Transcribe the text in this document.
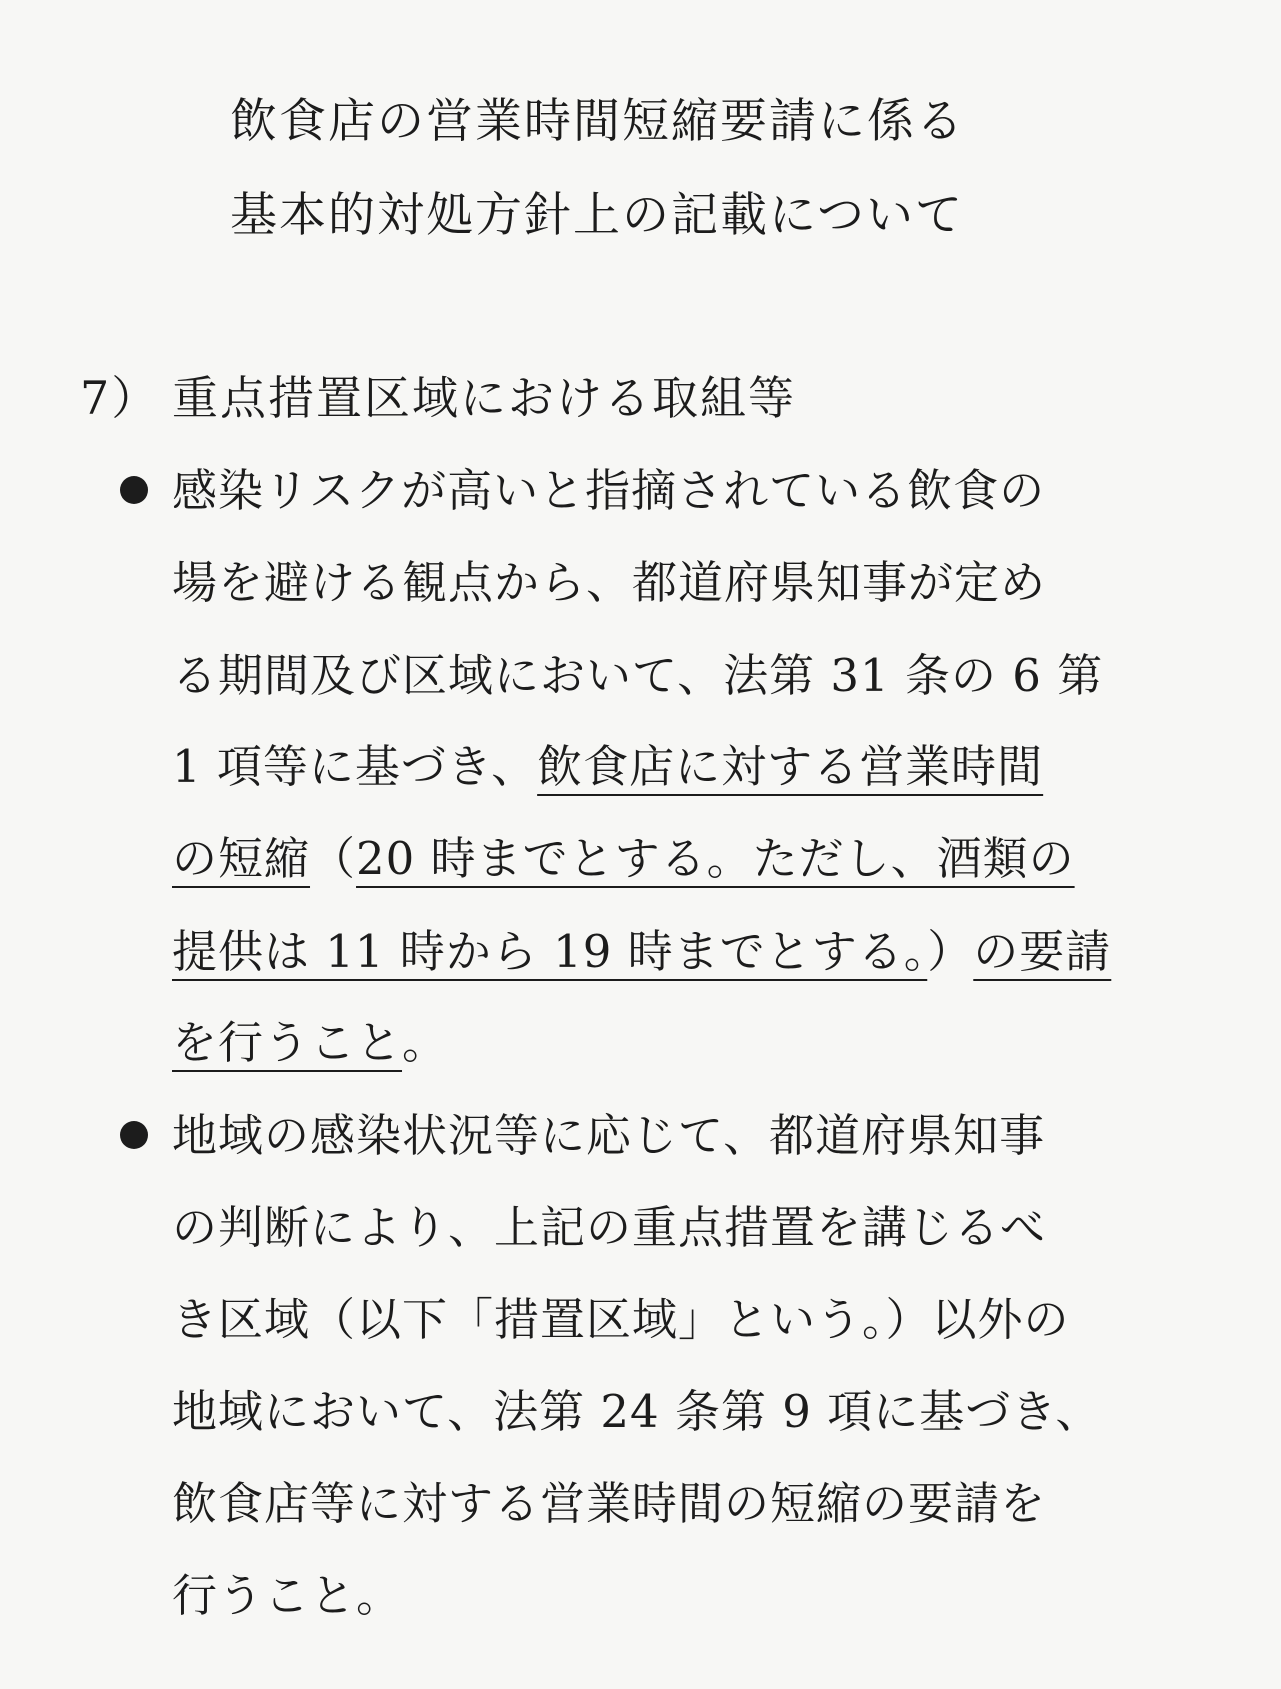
飲食店の営業時間短縮要請に係る
基本的対処方針上の記載について
7） 重点措置区域における取組等
感染リスクが高いと指摘されている飲食の
場を避ける観点から、都道府県知事が定め
る期間及び区域において、法第 31 条の 6 第
1 項等に基づき、飲食店に対する営業時間
の短縮（20 時までとする。ただし、酒類の
提供は 11 時から 19 時までとする。）の要請
を行うこと。
地域の感染状況等に応じて、都道府県知事
の判断により、上記の重点措置を講じるべ
き区域（以下「措置区域」という。）以外の
地域において、法第 24 条第 9 項に基づき、
飲食店等に対する営業時間の短縮の要請を
行うこと。
